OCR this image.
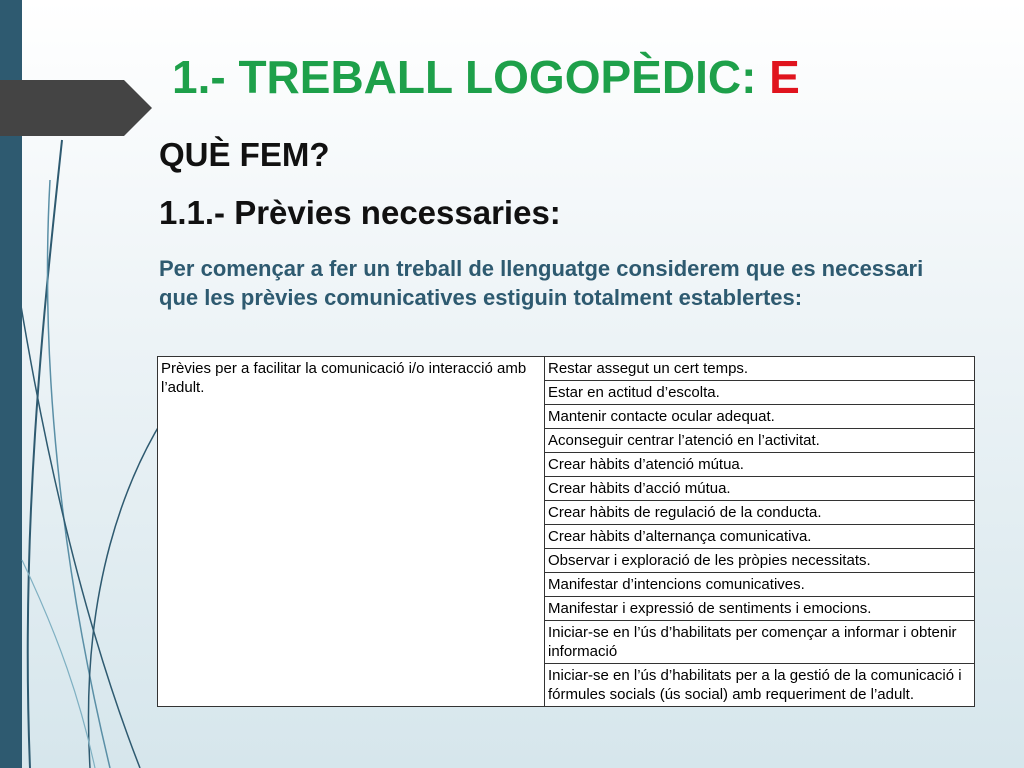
1.- TREBALL LOGOPÈDIC: E
QUÈ FEM?
1.1.- Prèvies necessaries:

Per començar a fer un treball de llenguatge considerem que es necessari que les prèvies comunicatives estiguin totalment establertes:

Prèvies per a facilitar la comunicació i/o interacció amb l’adult.	Restar assegut un cert temps.
Estar en actitud d’escolta.
Mantenir contacte ocular adequat.
Aconseguir centrar l’atenció en l’activitat.
Crear hàbits d’atenció mútua.
Crear hàbits d’acció mútua.
Crear hàbits de regulació de la conducta.
Crear hàbits d’alternança comunicativa.
Observar i exploració de les pròpies necessitats.
Manifestar d’intencions comunicatives.
Manifestar i expressió de sentiments i emocions.
Iniciar-se en l’ús d’habilitats per començar a informar i obtenir informació
Iniciar-se en l’ús d’habilitats per a la gestió de la comunicació i fórmules socials (ús social) amb requeriment de l’adult.
